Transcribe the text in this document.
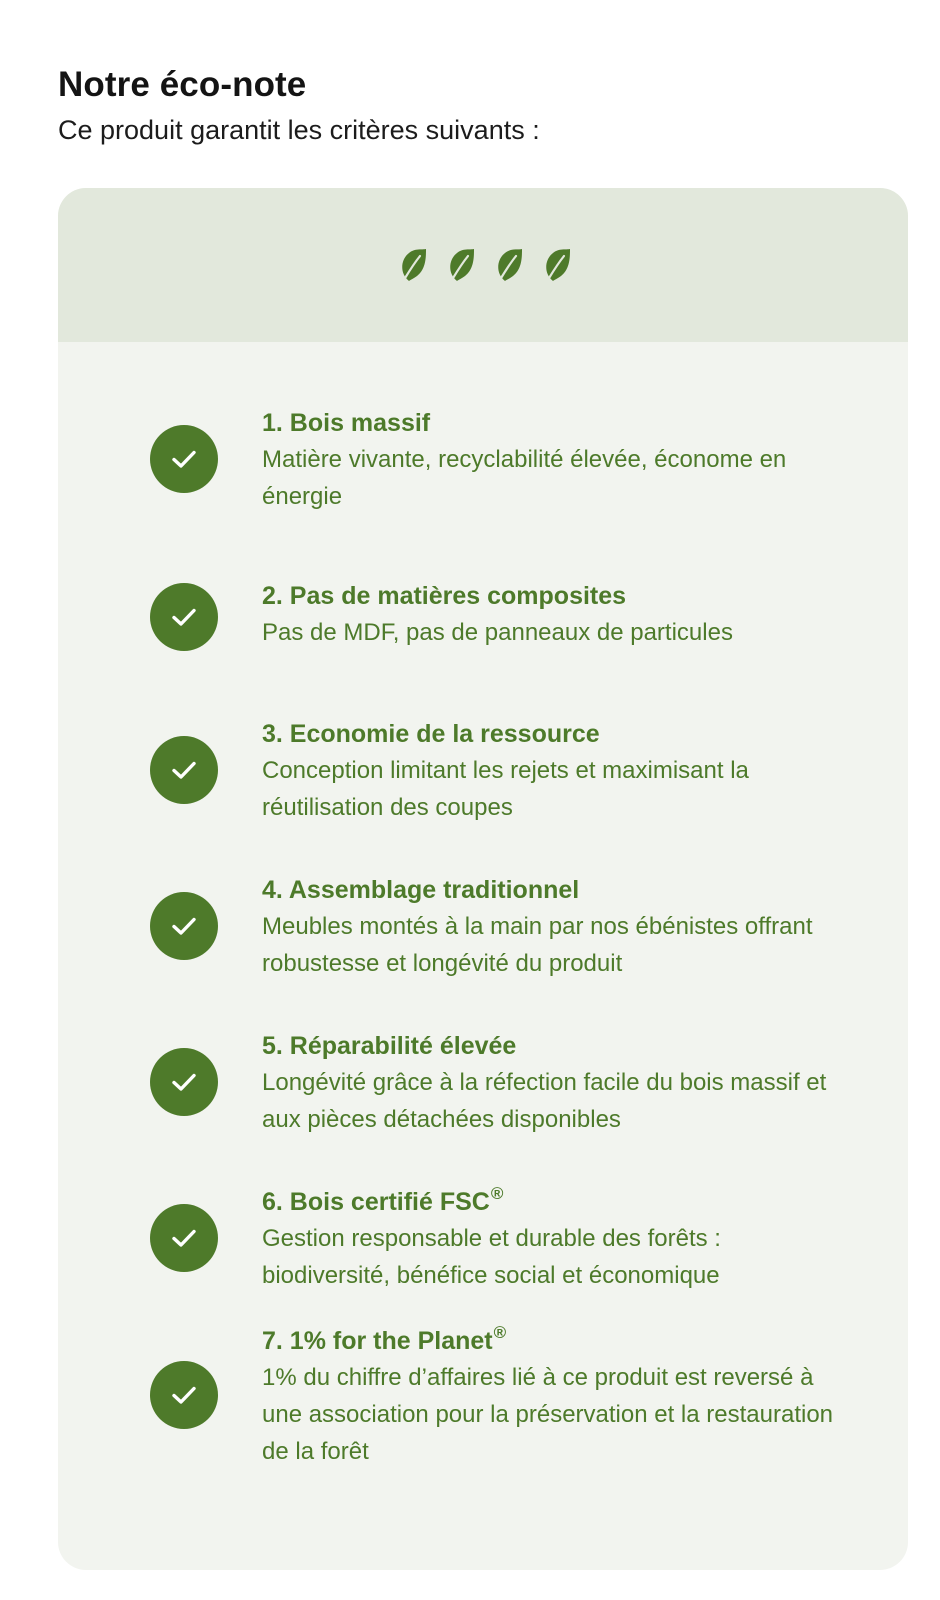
Notre éco-note

Ce produit garantit les critères suivants :

1. Bois massif

Matière vivante, recyclabilité élevée, économe en énergie

2. Pas de matières composites

Pas de MDF, pas de panneaux de particules

3. Economie de la ressource

Conception limitant les rejets et maximisant la réutilisation des coupes

4. Assemblage traditionnel

Meubles montés à la main par nos ébénistes offrant robustesse et longévité du produit

5. Réparabilité élevée

Longévité grâce à la réfection facile du bois massif et aux pièces détachées disponibles

6. Bois certifié FSC®

Gestion responsable et durable des forêts : biodiversité, bénéfice social et économique

7. 1% for the Planet®

1% du chiffre d’affaires lié à ce produit est reversé à une association pour la préservation et la restauration de la forêt
